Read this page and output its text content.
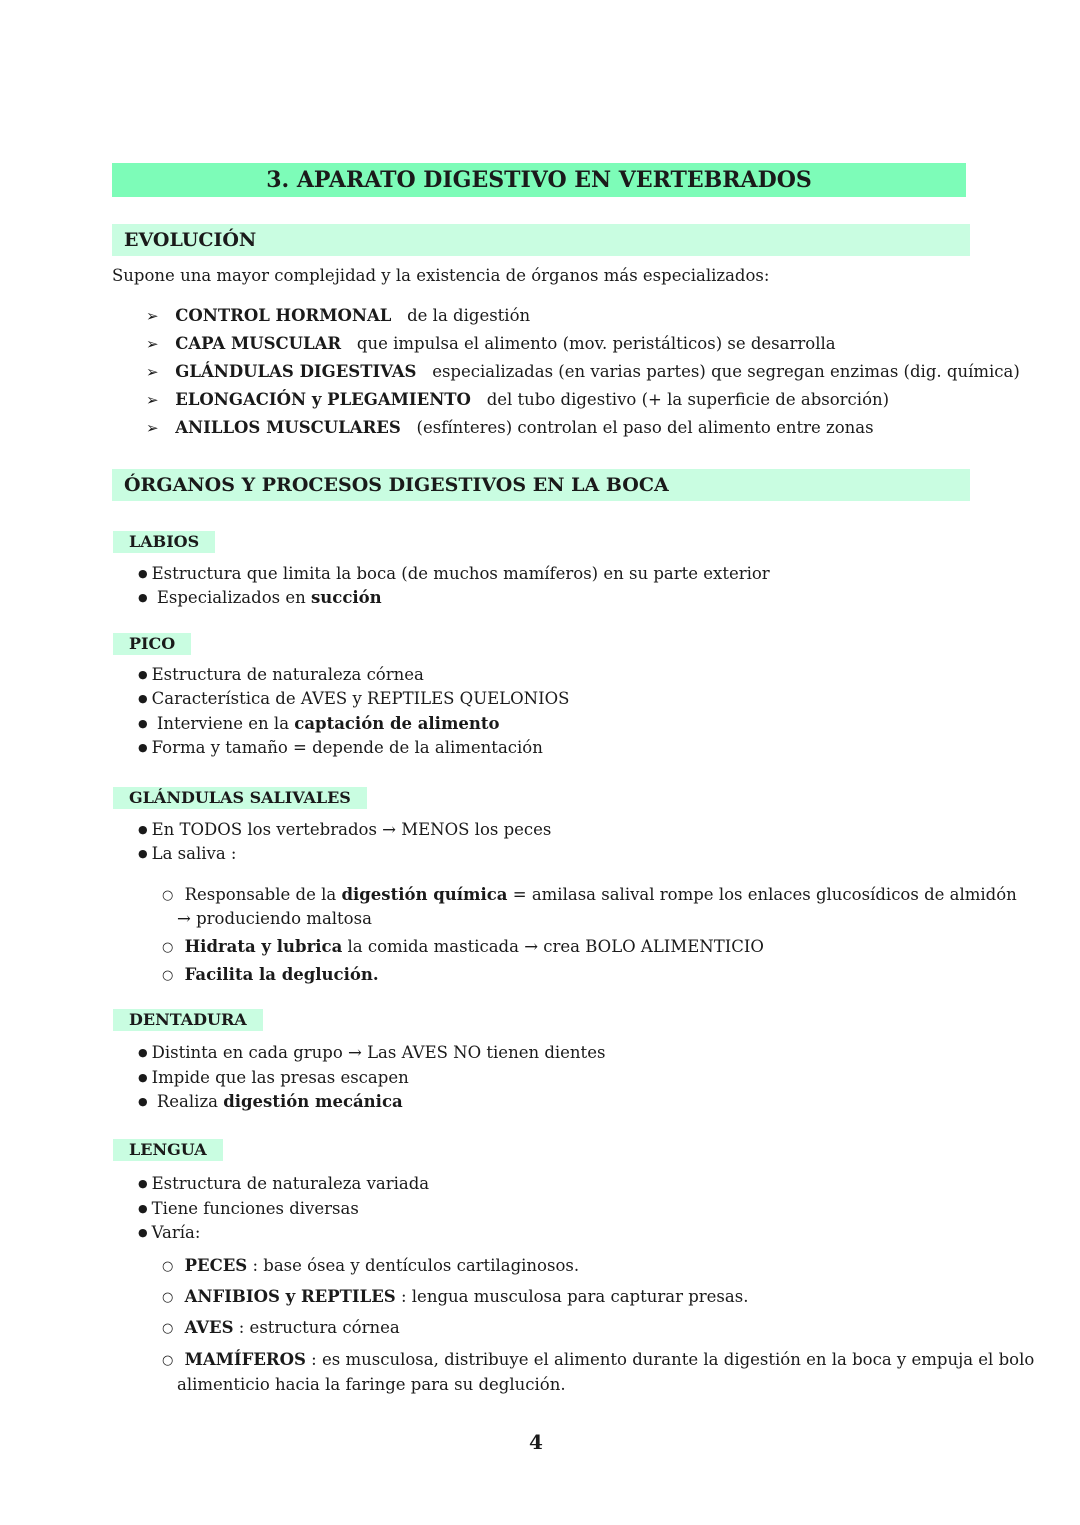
3. APARATO DIGESTIVO EN VERTEBRADOS
EVOLUCIÓN
Supone una mayor complejidad y la existencia de órganos más especializados:
➢ CONTROL HORMONAL de la digestión
➢ CAPA MUSCULAR que impulsa el alimento (mov. peristálticos) se desarrolla
➢ GLÁNDULAS DIGESTIVAS especializadas (en varias partes) que segregan enzimas (dig. química)
➢ ELONGACIÓN y PLEGAMIENTO del tubo digestivo (+ la superficie de absorción)
➢ ANILLOS MUSCULARES (esfínteres) controlan el paso del alimento entre zonas
ÓRGANOS Y PROCESOS DIGESTIVOS EN LA BOCA
LABIOS
● Estructura que limita la boca (de muchos mamíferos) en su parte exterior
● Especializados en succión
PICO
● Estructura de naturaleza córnea
● Característica de AVES y REPTILES QUELONIOS
● Interviene en la captación de alimento
● Forma y tamaño = depende de la alimentación
GLÁNDULAS SALIVALES
● En TODOS los vertebrados → MENOS los peces
● La saliva :
○ Responsable de la digestión química = amilasa salival rompe los enlaces glucosídicos de almidón
→ produciendo maltosa
○ Hidrata y lubrica la comida masticada → crea BOLO ALIMENTICIO
○ Facilita la deglución.
DENTADURA
● Distinta en cada grupo → Las AVES NO tienen dientes
● Impide que las presas escapen
● Realiza digestión mecánica
LENGUA
● Estructura de naturaleza variada
● Tiene funciones diversas
● Varía:
○ PECES : base ósea y dentículos cartilaginosos.
○ ANFIBIOS y REPTILES : lengua musculosa para capturar presas.
○ AVES : estructura córnea
○ MAMÍFEROS : es musculosa, distribuye el alimento durante la digestión en la boca y empuja el bolo
alimenticio hacia la faringe para su deglución.
4
